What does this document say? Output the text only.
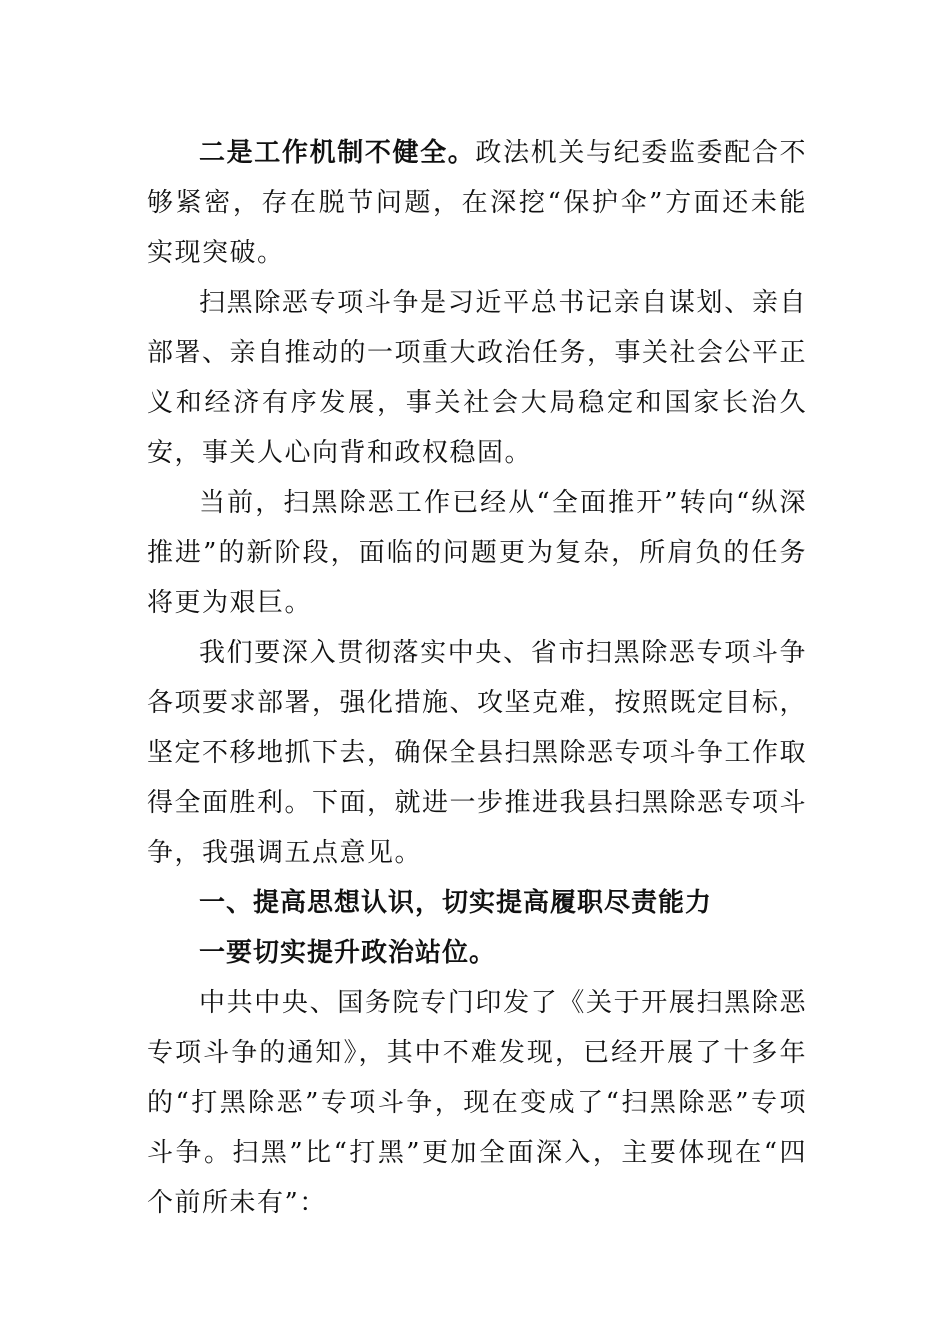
二是工作机制不健全。政法机关与纪委监委配合不够紧密，存在脱节问题，在深挖“保护伞”方面还未能实现突破。

扫黑除恶专项斗争是习近平总书记亲自谋划、亲自部署、亲自推动的一项重大政治任务，事关社会公平正义和经济有序发展，事关社会大局稳定和国家长治久安，事关人心向背和政权稳固。

当前，扫黑除恶工作已经从“全面推开”转向“纵深推进”的新阶段，面临的问题更为复杂，所肩负的任务将更为艰巨。

我们要深入贯彻落实中央、省市扫黑除恶专项斗争各项要求部署，强化措施、攻坚克难，按照既定目标，坚定不移地抓下去，确保全县扫黑除恶专项斗争工作取得全面胜利。下面，就进一步推进我县扫黑除恶专项斗争，我强调五点意见。

一、提高思想认识，切实提高履职尽责能力

一要切实提升政治站位。

中共中央、国务院专门印发了《关于开展扫黑除恶专项斗争的通知》，其中不难发现，已经开展了十多年的“打黑除恶”专项斗争，现在变成了“扫黑除恶”专项斗争。扫黑”比“打黑”更加全面深入，主要体现在“四个前所未有”：
